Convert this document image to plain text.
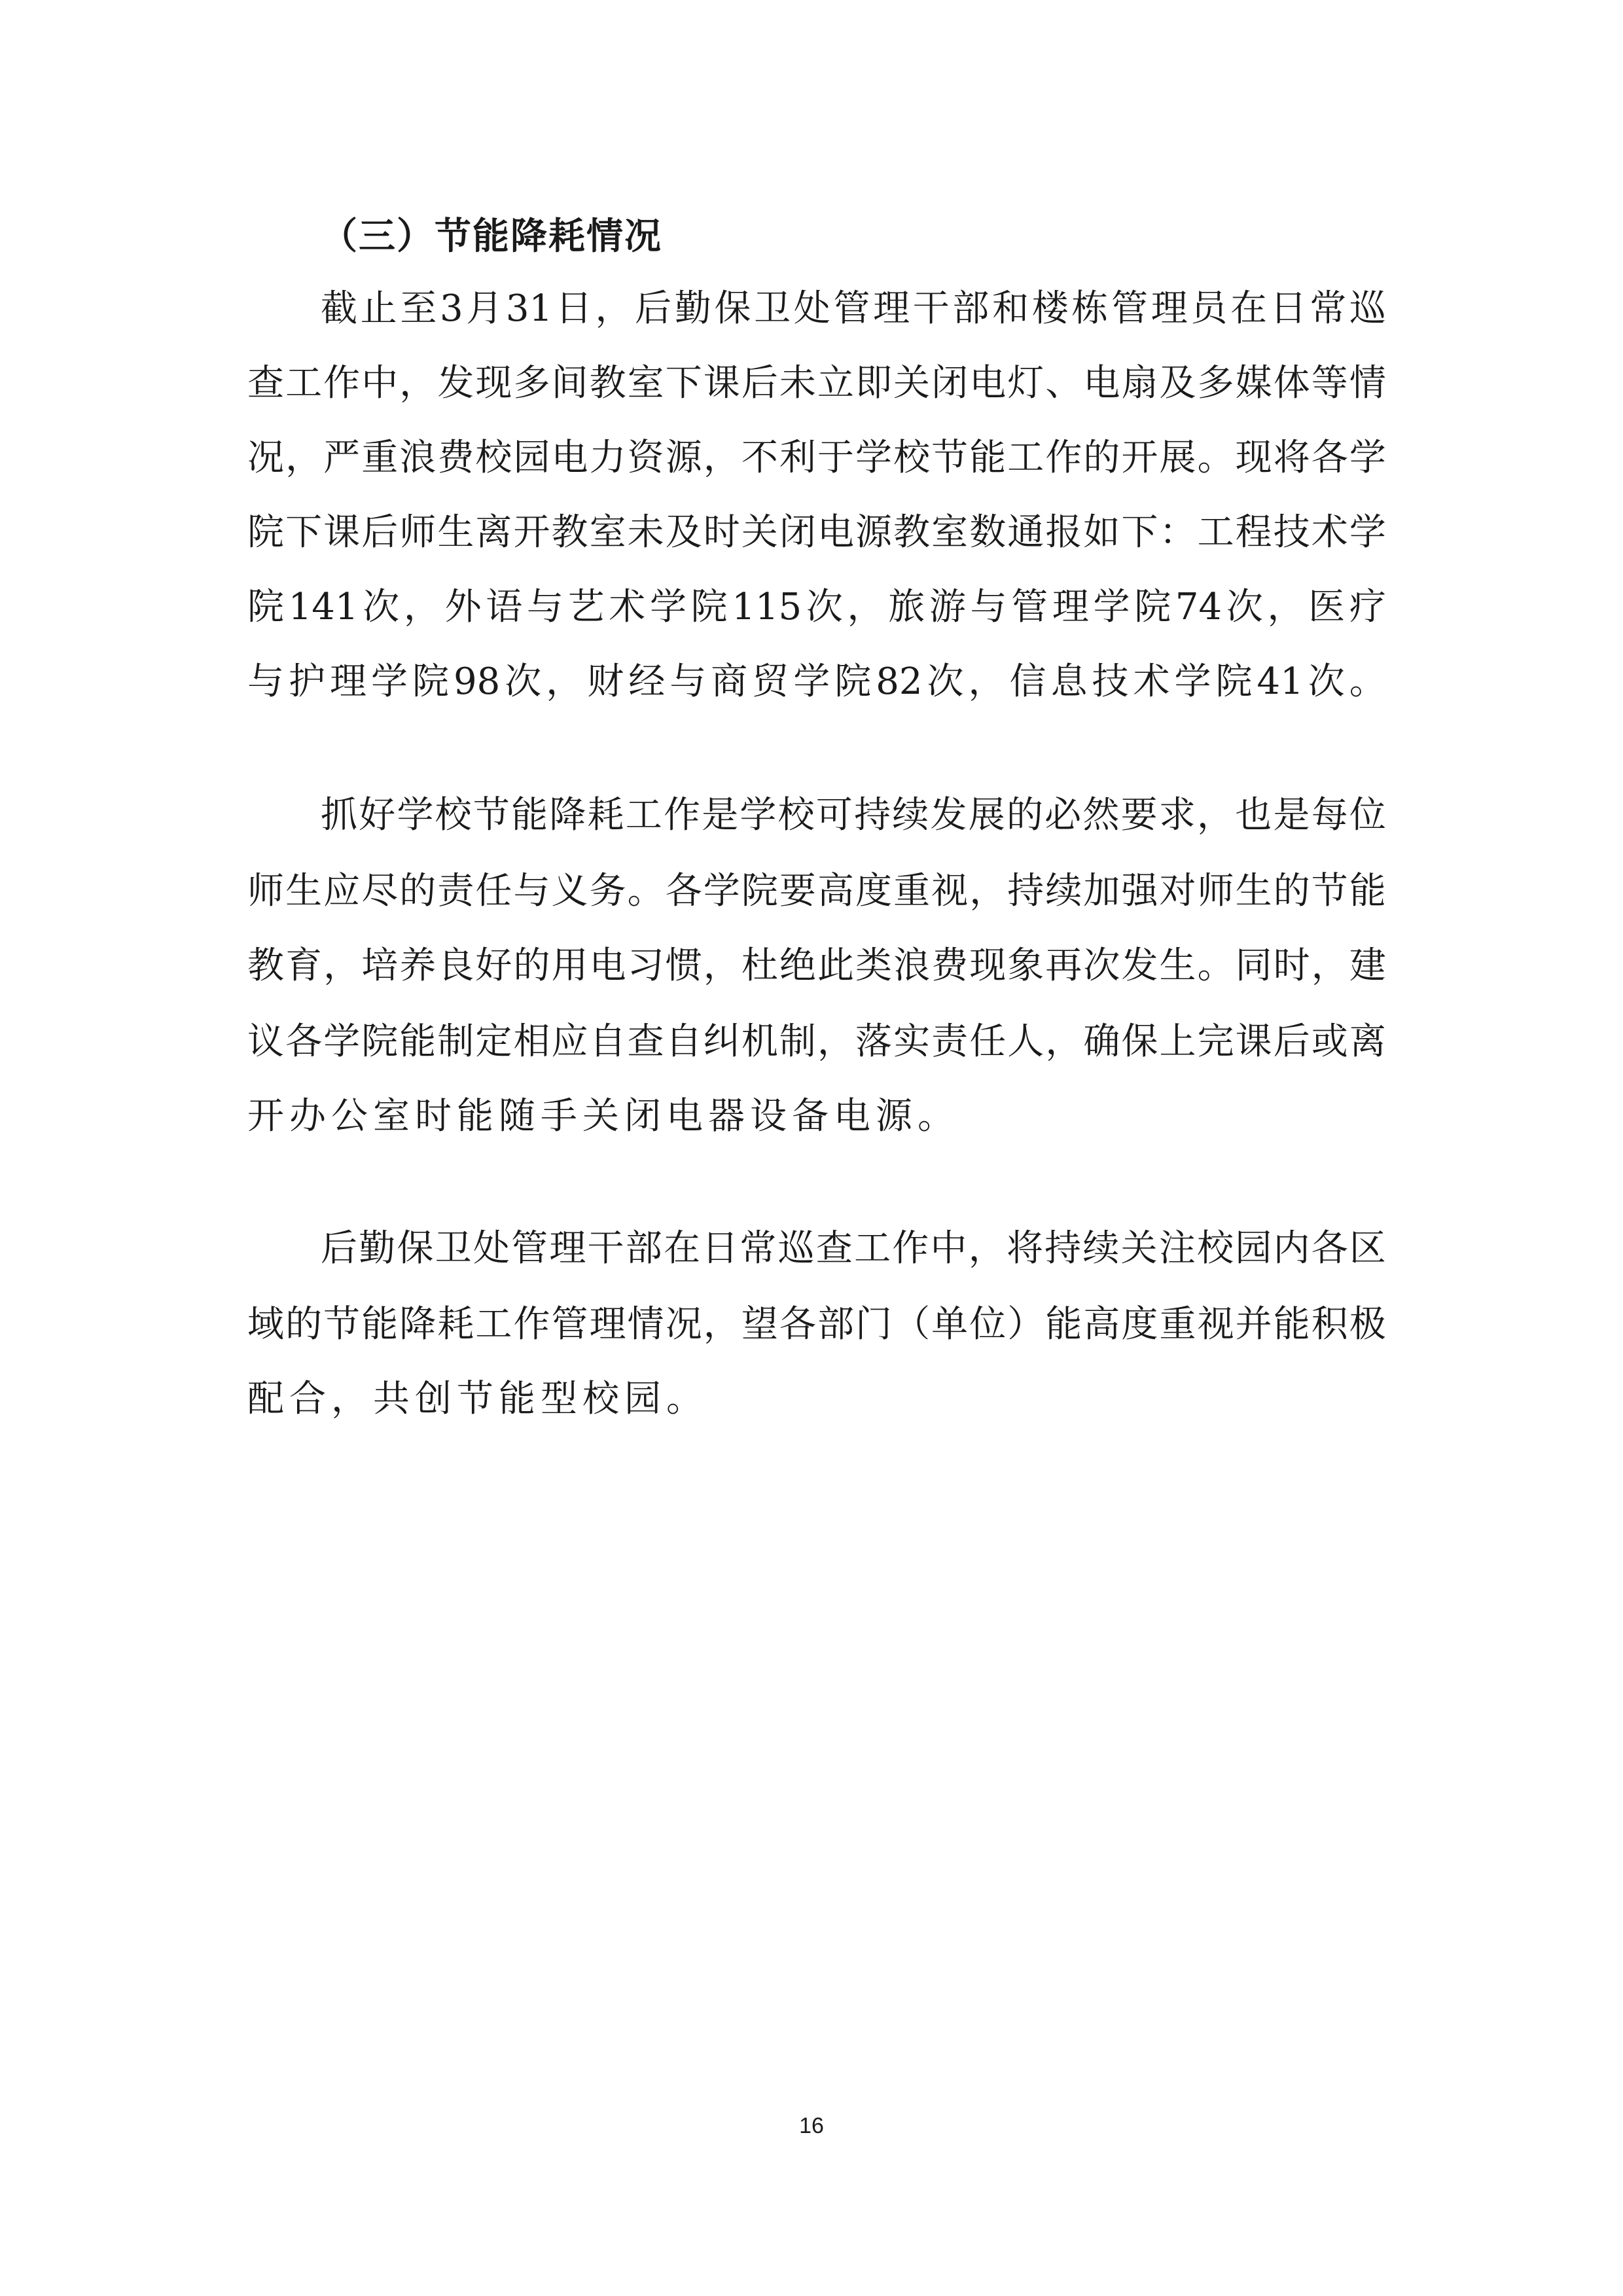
（三）节能降耗情况
截 止 至 3 月 31 日 ， 后 勤 保 卫 处 管 理 干 部 和 楼 栋 管 理 员 在 日 常 巡
查 工 作 中 ， 发 现 多 间 教 室 下 课 后 未 立 即 关 闭 电 灯 、 电 扇 及 多 媒 体 等 情
况 ， 严 重 浪 费 校 园 电 力 资 源 ， 不 利 于 学 校 节 能 工 作 的 开 展 。 现 将 各 学
院 下 课 后 师 生 离 开 教 室 未 及 时 关 闭 电 源 教 室 数 通 报 如 下 ： 工 程 技 术 学
院 141 次 ， 外 语 与 艺 术 学 院 115 次 ， 旅 游 与 管 理 学 院 74 次 ， 医 疗
与 护 理 学 院 98 次 ， 财 经 与 商 贸 学 院 82 次 ， 信 息 技 术 学 院 41 次 。
抓 好 学 校 节 能 降 耗 工 作 是 学 校 可 持 续 发 展 的 必 然 要 求 ， 也 是 每 位
师 生 应 尽 的 责 任 与 义 务 。 各 学 院 要 高 度 重 视 ， 持 续 加 强 对 师 生 的 节 能
教 育 ， 培 养 良 好 的 用 电 习 惯 ， 杜 绝 此 类 浪 费 现 象 再 次 发 生 。 同 时 ， 建
议 各 学 院 能 制 定 相 应 自 查 自 纠 机 制 ， 落 实 责 任 人 ， 确 保 上 完 课 后 或 离
开办公室时能随手关闭电器设备电源。
后 勤 保 卫 处 管 理 干 部 在 日 常 巡 查 工 作 中 ， 将 持 续 关 注 校 园 内 各 区
域 的 节 能 降 耗 工 作 管 理 情 况 ， 望 各 部 门 （ 单 位 ） 能 高 度 重 视 并 能 积 极
配合，共创节能型校园。
16
